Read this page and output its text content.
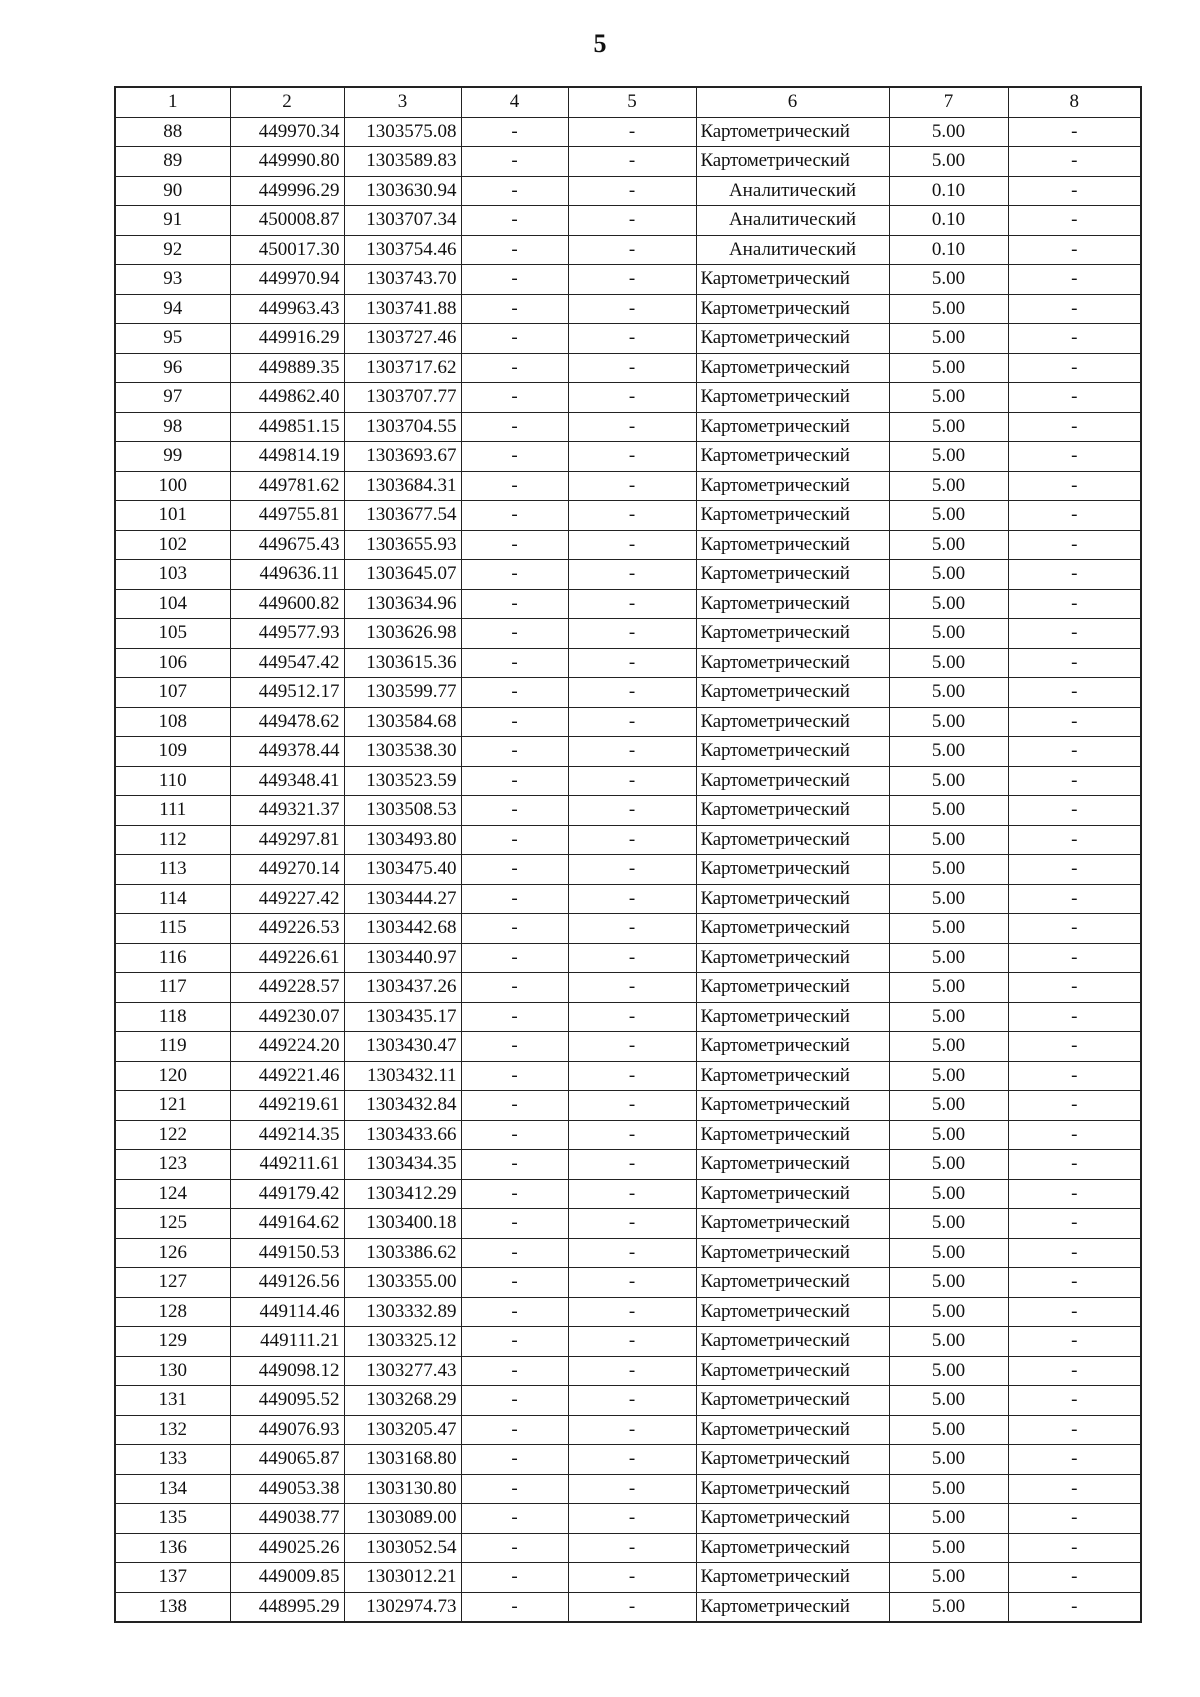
5
1	2	3	4	5	6	7	8
88	449970.34	1303575.08	-	-	Картометрический	5.00	-
89	449990.80	1303589.83	-	-	Картометрический	5.00	-
90	449996.29	1303630.94	-	-	Аналитический	0.10	-
91	450008.87	1303707.34	-	-	Аналитический	0.10	-
92	450017.30	1303754.46	-	-	Аналитический	0.10	-
93	449970.94	1303743.70	-	-	Картометрический	5.00	-
94	449963.43	1303741.88	-	-	Картометрический	5.00	-
95	449916.29	1303727.46	-	-	Картометрический	5.00	-
96	449889.35	1303717.62	-	-	Картометрический	5.00	-
97	449862.40	1303707.77	-	-	Картометрический	5.00	-
98	449851.15	1303704.55	-	-	Картометрический	5.00	-
99	449814.19	1303693.67	-	-	Картометрический	5.00	-
100	449781.62	1303684.31	-	-	Картометрический	5.00	-
101	449755.81	1303677.54	-	-	Картометрический	5.00	-
102	449675.43	1303655.93	-	-	Картометрический	5.00	-
103	449636.11	1303645.07	-	-	Картометрический	5.00	-
104	449600.82	1303634.96	-	-	Картометрический	5.00	-
105	449577.93	1303626.98	-	-	Картометрический	5.00	-
106	449547.42	1303615.36	-	-	Картометрический	5.00	-
107	449512.17	1303599.77	-	-	Картометрический	5.00	-
108	449478.62	1303584.68	-	-	Картометрический	5.00	-
109	449378.44	1303538.30	-	-	Картометрический	5.00	-
110	449348.41	1303523.59	-	-	Картометрический	5.00	-
111	449321.37	1303508.53	-	-	Картометрический	5.00	-
112	449297.81	1303493.80	-	-	Картометрический	5.00	-
113	449270.14	1303475.40	-	-	Картометрический	5.00	-
114	449227.42	1303444.27	-	-	Картометрический	5.00	-
115	449226.53	1303442.68	-	-	Картометрический	5.00	-
116	449226.61	1303440.97	-	-	Картометрический	5.00	-
117	449228.57	1303437.26	-	-	Картометрический	5.00	-
118	449230.07	1303435.17	-	-	Картометрический	5.00	-
119	449224.20	1303430.47	-	-	Картометрический	5.00	-
120	449221.46	1303432.11	-	-	Картометрический	5.00	-
121	449219.61	1303432.84	-	-	Картометрический	5.00	-
122	449214.35	1303433.66	-	-	Картометрический	5.00	-
123	449211.61	1303434.35	-	-	Картометрический	5.00	-
124	449179.42	1303412.29	-	-	Картометрический	5.00	-
125	449164.62	1303400.18	-	-	Картометрический	5.00	-
126	449150.53	1303386.62	-	-	Картометрический	5.00	-
127	449126.56	1303355.00	-	-	Картометрический	5.00	-
128	449114.46	1303332.89	-	-	Картометрический	5.00	-
129	449111.21	1303325.12	-	-	Картометрический	5.00	-
130	449098.12	1303277.43	-	-	Картометрический	5.00	-
131	449095.52	1303268.29	-	-	Картометрический	5.00	-
132	449076.93	1303205.47	-	-	Картометрический	5.00	-
133	449065.87	1303168.80	-	-	Картометрический	5.00	-
134	449053.38	1303130.80	-	-	Картометрический	5.00	-
135	449038.77	1303089.00	-	-	Картометрический	5.00	-
136	449025.26	1303052.54	-	-	Картометрический	5.00	-
137	449009.85	1303012.21	-	-	Картометрический	5.00	-
138	448995.29	1302974.73	-	-	Картометрический	5.00	-
